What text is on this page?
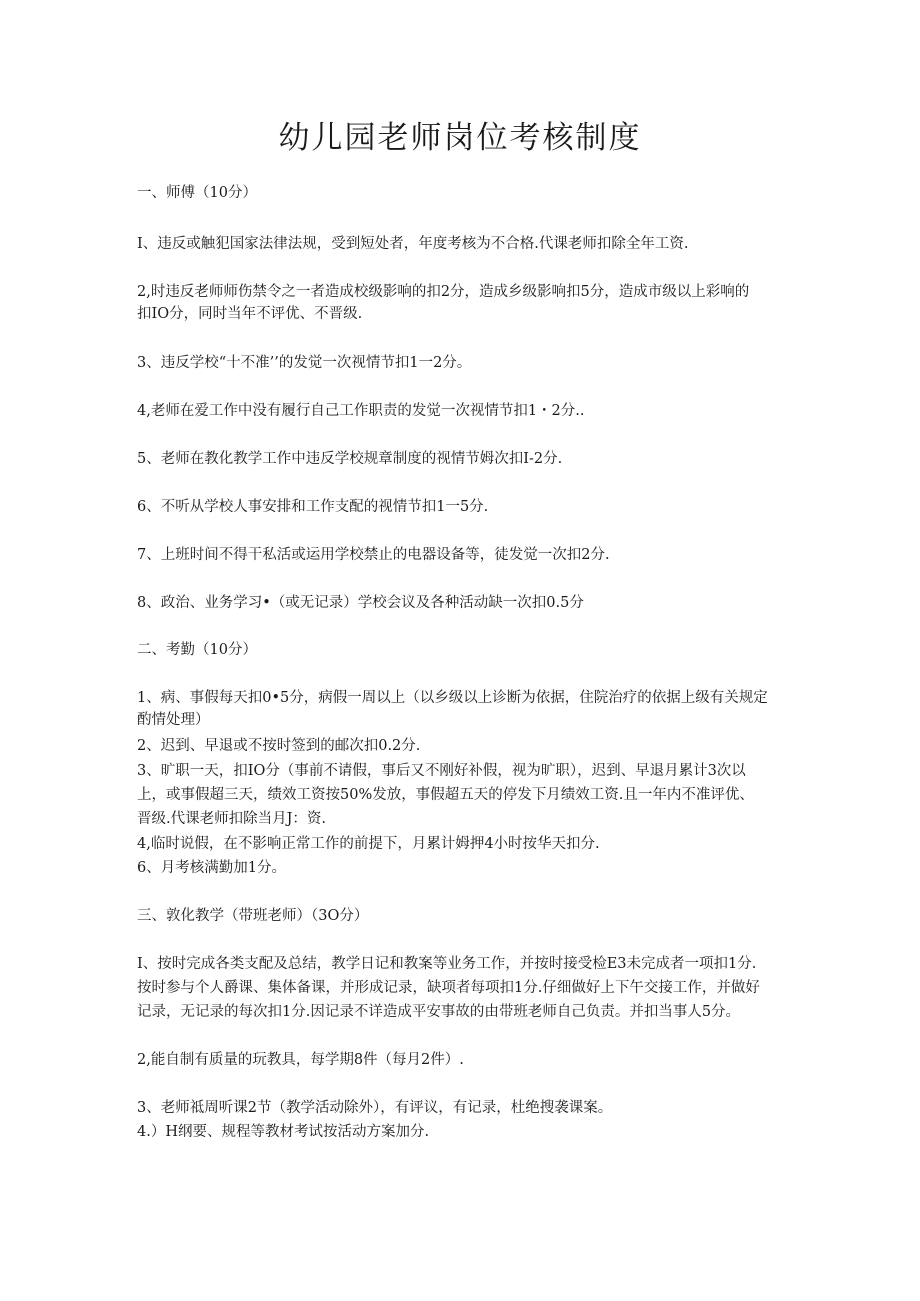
幼儿园老师岗位考核制度

一、师傅（10分）

I、违反或触犯国家法律法规，受到短处者，年度考核为不合格.代课老师扣除全年工资.

2,时违反老师师伤禁令之一者造成校级影响的扣2分，造成乡级影响扣5分，造成市级以上彩响的

扣IO分，同时当年不评优、不晋级.

3、违反学校“十不准’’的发觉一次视情节扣1一2分。

4,老师在爱工作中没有履行自己工作职责的发觉一次视情节扣1・2分..

5、老师在教化教学工作中违反学校规章制度的视情节姆次扣I-2分.

6、不听从学校人事安排和工作支配的视情节扣1一5分.

7、上班时间不得干私活或运用学校禁止的电器设备等，徒发觉一次扣2分.

8、政治、业务学习•（或无记录）学校会议及各种活动缺一次扣0.5分

二、考勤（10分）

1、病、事假每天扣0•5分，病假一周以上（以乡级以上诊断为依据，住院治疗的依据上级有关规定

酌情处理）

2、迟到、早退或不按时签到的邮次扣0.2分.

3、旷职一天，扣IO分（事前不请假，事后又不刚好补假，视为旷职），迟到、早退月累计3次以

上，或事假超三天，绩效工资按50%发放，事假超五天的停发下月绩效工资.且一年内不准评优、

晋级.代课老师扣除当月J：资.

4,临时说假，在不影响正常工作的前提下，月累计姆押4小时按华天扣分.

6、月考核满勤加1分。

三、敦化教学（带班老师）（3O分）

I、按时完成各类支配及总结，教学日记和教案等业务工作，并按时接受检E3未完成者一项扣1分.

按时参与个人爵课、集体备课，并形成记录，缺项者每项扣1分.仔细做好上下午交接工作，并做好

记录，无记录的每次扣1分.因记录不详造成平安事故的由带班老师自己负责。并扣当事人5分。

2,能自制有质量的玩教具，每学期8件（每月2件）.

3、老师祗周听课2节（教学活动除外），有评议，有记录，杜绝搜袭课案。

4.）H纲要、规程等教材考试按活动方案加分.
